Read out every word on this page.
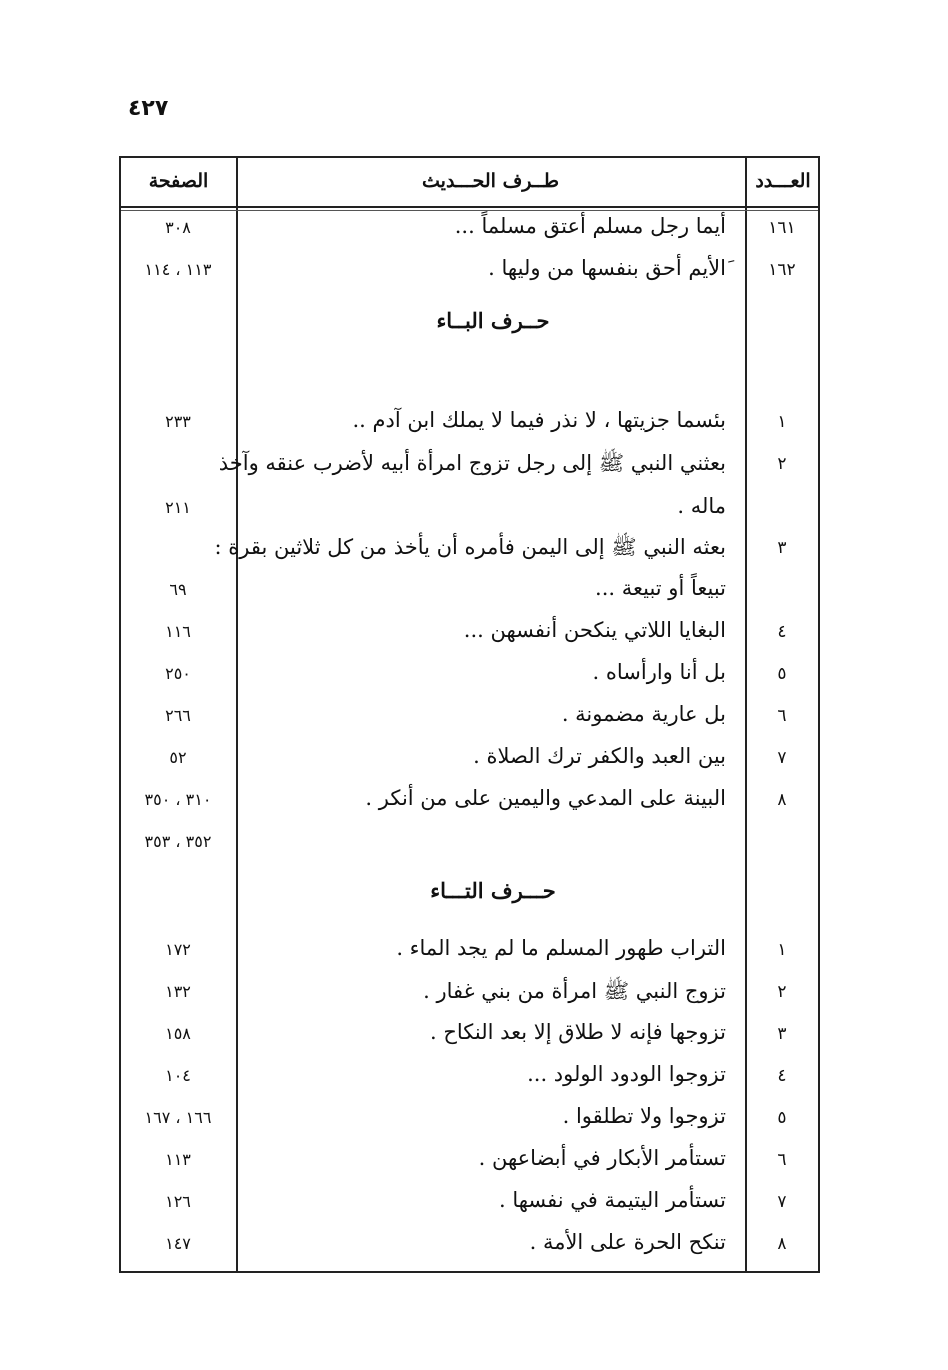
٤٢٧
العـــدد
طــرف الحـــديث
الصفحة
١٦١
أيما رجل مسلم أعتق مسلماً ...
٣٠٨
١٦٢
َالأيم أحق بنفسها من وليها .
١١٣ ، ١١٤
حــرف البــاء
١
بئسما جزيتها ، لا نذر فيما لا يملك ابن آدم ..
٢٣٣
٢
بعثني النبي ﷺ إلى رجل تزوج امرأة أبيه لأضرب عنقه وآخذ
ماله .
٢١١
٣
بعثه النبي ﷺ إلى اليمن فأمره أن يأخذ من كل ثلاثين بقرة :
تبيعاً أو تبيعة ...
٦٩
٤
البغايا اللاتي ينكحن أنفسهن ...
١١٦
٥
بل أنا وارأساه .
٢٥٠
٦
بل عارية مضمونة .
٢٦٦
٧
بين العبد والكفر ترك الصلاة .
٥٢
٨
البينة على المدعي واليمين على من أنكر .
٣١٠ ، ٣٥٠
٣٥٢ ، ٣٥٣
حـــرف التـــاء
١
التراب طهور المسلم ما لم يجد الماء .
١٧٢
٢
تزوج النبي ﷺ امرأة من بني غفار .
١٣٢
٣
تزوجها فإنه لا طلاق إلا بعد النكاح .
١٥٨
٤
تزوجوا الودود الولود ...
١٠٤
٥
تزوجوا ولا تطلقوا .
١٦٦ ، ١٦٧
٦
تستأمر الأبكار في أبضاعهن .
١١٣
٧
تستأمر اليتيمة في نفسها .
١٢٦
٨
تنكح الحرة على الأمة .
١٤٧
